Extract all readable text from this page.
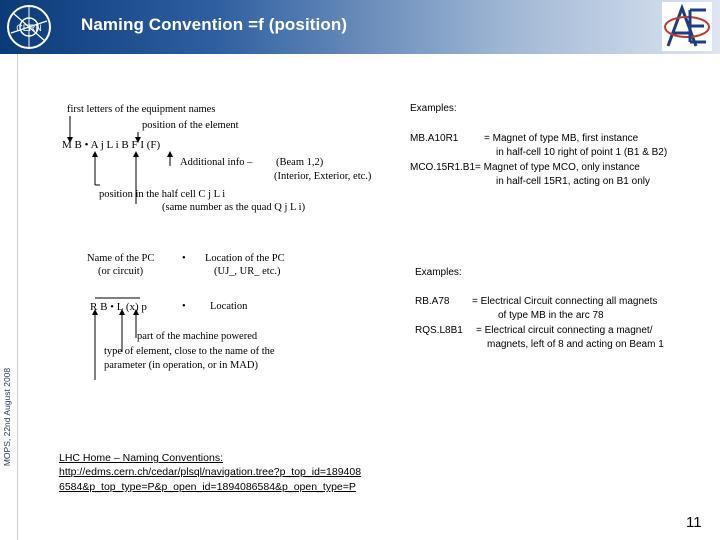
CERN Naming Convention =f (position)
MOPS, 22nd August 2008
first letters of the equipment names
position of the element
M B • A j L i B F I (F)
Additional info – (Beam 1,2)
(Interior, Exterior, etc.)
position in the half cell C j L i
(same number as the quad Q j L i)
Examples:
MB.A10R1	= Magnet of type MB, first instance
in half-cell 10 right of point 1 (B1 & B2)
MCO.15R1.B1 = Magnet of type MCO, only instance
in half-cell 15R1, acting on B1 only
Name of the PC
(or circuit)
• Location of the PC
(UJ_, UR_ etc.)
R B • L (x) p	• Location
part of the machine powered
type of element, close to the name of the
parameter (in operation, or in MAD)
Examples:
RB.A78 = Electrical Circuit connecting all magnets
of type MB in the arc 78
RQS.L8B1 = Electrical circuit connecting a magnet/
magnets, left of 8 and acting on Beam 1
LHC Home – Naming Conventions:
http://edms.cern.ch/cedar/plsql/navigation.tree?p_top_id=189408
6584&p_top_type=P&p_open_id=1894086584&p_open_type=P
11
